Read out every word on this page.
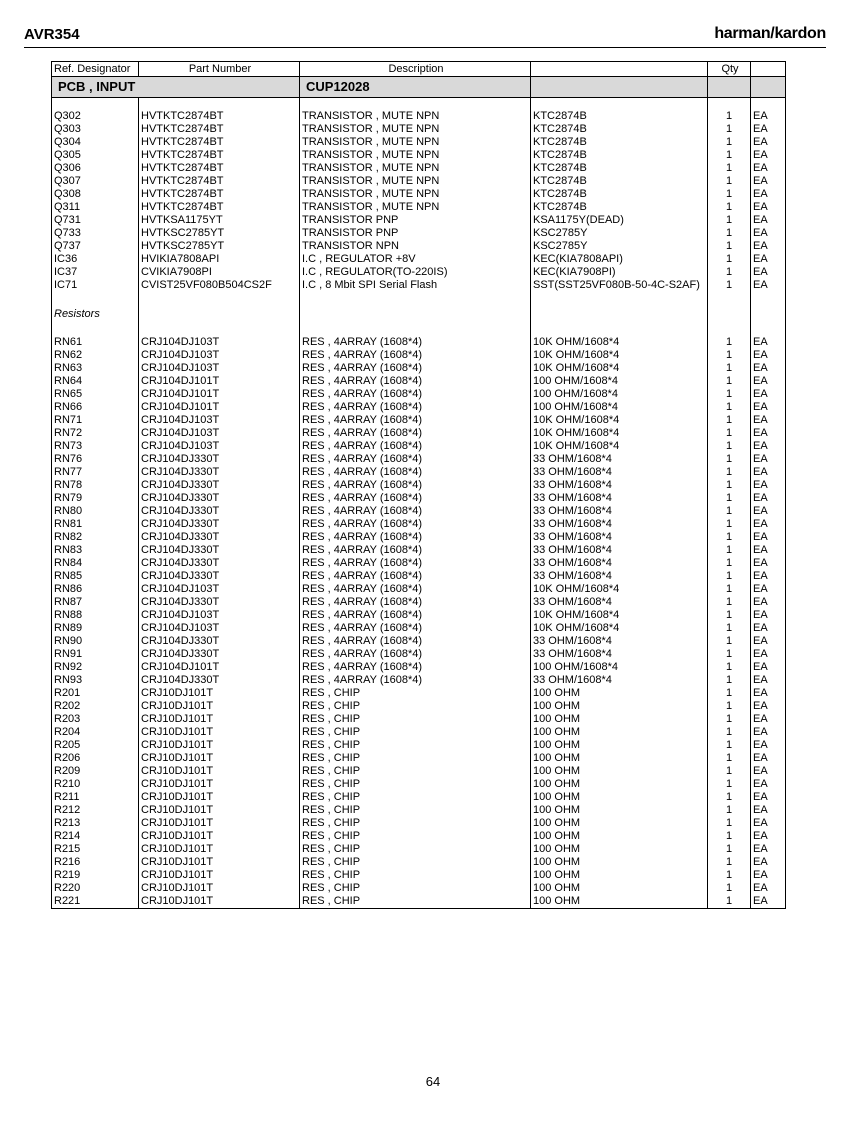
AVR354	harman/kardon
Ref. Designator	Part Number	Description		Qty	
PCB , INPUT		CUP12028			

Q302	HVTKTC2874BT	TRANSISTOR , MUTE NPN	KTC2874B	1	EA
Q303	HVTKTC2874BT	TRANSISTOR , MUTE NPN	KTC2874B	1	EA
Q304	HVTKTC2874BT	TRANSISTOR , MUTE NPN	KTC2874B	1	EA
Q305	HVTKTC2874BT	TRANSISTOR , MUTE NPN	KTC2874B	1	EA
Q306	HVTKTC2874BT	TRANSISTOR , MUTE NPN	KTC2874B	1	EA
Q307	HVTKTC2874BT	TRANSISTOR , MUTE NPN	KTC2874B	1	EA
Q308	HVTKTC2874BT	TRANSISTOR , MUTE NPN	KTC2874B	1	EA
Q311	HVTKTC2874BT	TRANSISTOR , MUTE NPN	KTC2874B	1	EA
Q731	HVTKSA1175YT	TRANSISTOR PNP	KSA1175Y(DEAD)	1	EA
Q733	HVTKSC2785YT	TRANSISTOR PNP	KSC2785Y	1	EA
Q737	HVTKSC2785YT	TRANSISTOR NPN	KSC2785Y	1	EA
IC36	HVIKIA7808API	I.C , REGULATOR +8V	KEC(KIA7808API)	1	EA
IC37	CVIKIA7908PI	I.C , REGULATOR(TO-220IS)	KEC(KIA7908PI)	1	EA
IC71	CVIST25VF080B504CS2F	I.C , 8 Mbit SPI Serial Flash	SST(SST25VF080B-50-4C-S2AF)	1	EA

Resistors					

RN61	CRJ104DJ103T	RES , 4ARRAY (1608*4)	10K OHM/1608*4	1	EA
RN62	CRJ104DJ103T	RES , 4ARRAY (1608*4)	10K OHM/1608*4	1	EA
RN63	CRJ104DJ103T	RES , 4ARRAY (1608*4)	10K OHM/1608*4	1	EA
RN64	CRJ104DJ101T	RES , 4ARRAY (1608*4)	100 OHM/1608*4	1	EA
RN65	CRJ104DJ101T	RES , 4ARRAY (1608*4)	100 OHM/1608*4	1	EA
RN66	CRJ104DJ101T	RES , 4ARRAY (1608*4)	100 OHM/1608*4	1	EA
RN71	CRJ104DJ103T	RES , 4ARRAY (1608*4)	10K OHM/1608*4	1	EA
RN72	CRJ104DJ103T	RES , 4ARRAY (1608*4)	10K OHM/1608*4	1	EA
RN73	CRJ104DJ103T	RES , 4ARRAY (1608*4)	10K OHM/1608*4	1	EA
RN76	CRJ104DJ330T	RES , 4ARRAY (1608*4)	33 OHM/1608*4	1	EA
RN77	CRJ104DJ330T	RES , 4ARRAY (1608*4)	33 OHM/1608*4	1	EA
RN78	CRJ104DJ330T	RES , 4ARRAY (1608*4)	33 OHM/1608*4	1	EA
RN79	CRJ104DJ330T	RES , 4ARRAY (1608*4)	33 OHM/1608*4	1	EA
RN80	CRJ104DJ330T	RES , 4ARRAY (1608*4)	33 OHM/1608*4	1	EA
RN81	CRJ104DJ330T	RES , 4ARRAY (1608*4)	33 OHM/1608*4	1	EA
RN82	CRJ104DJ330T	RES , 4ARRAY (1608*4)	33 OHM/1608*4	1	EA
RN83	CRJ104DJ330T	RES , 4ARRAY (1608*4)	33 OHM/1608*4	1	EA
RN84	CRJ104DJ330T	RES , 4ARRAY (1608*4)	33 OHM/1608*4	1	EA
RN85	CRJ104DJ330T	RES , 4ARRAY (1608*4)	33 OHM/1608*4	1	EA
RN86	CRJ104DJ103T	RES , 4ARRAY (1608*4)	10K OHM/1608*4	1	EA
RN87	CRJ104DJ330T	RES , 4ARRAY (1608*4)	33 OHM/1608*4	1	EA
RN88	CRJ104DJ103T	RES , 4ARRAY (1608*4)	10K OHM/1608*4	1	EA
RN89	CRJ104DJ103T	RES , 4ARRAY (1608*4)	10K OHM/1608*4	1	EA
RN90	CRJ104DJ330T	RES , 4ARRAY (1608*4)	33 OHM/1608*4	1	EA
RN91	CRJ104DJ330T	RES , 4ARRAY (1608*4)	33 OHM/1608*4	1	EA
RN92	CRJ104DJ101T	RES , 4ARRAY (1608*4)	100 OHM/1608*4	1	EA
RN93	CRJ104DJ330T	RES , 4ARRAY (1608*4)	33 OHM/1608*4	1	EA
R201	CRJ10DJ101T	RES , CHIP	100 OHM	1	EA
R202	CRJ10DJ101T	RES , CHIP	100 OHM	1	EA
R203	CRJ10DJ101T	RES , CHIP	100 OHM	1	EA
R204	CRJ10DJ101T	RES , CHIP	100 OHM	1	EA
R205	CRJ10DJ101T	RES , CHIP	100 OHM	1	EA
R206	CRJ10DJ101T	RES , CHIP	100 OHM	1	EA
R209	CRJ10DJ101T	RES , CHIP	100 OHM	1	EA
R210	CRJ10DJ101T	RES , CHIP	100 OHM	1	EA
R211	CRJ10DJ101T	RES , CHIP	100 OHM	1	EA
R212	CRJ10DJ101T	RES , CHIP	100 OHM	1	EA
R213	CRJ10DJ101T	RES , CHIP	100 OHM	1	EA
R214	CRJ10DJ101T	RES , CHIP	100 OHM	1	EA
R215	CRJ10DJ101T	RES , CHIP	100 OHM	1	EA
R216	CRJ10DJ101T	RES , CHIP	100 OHM	1	EA
R219	CRJ10DJ101T	RES , CHIP	100 OHM	1	EA
R220	CRJ10DJ101T	RES , CHIP	100 OHM	1	EA
R221	CRJ10DJ101T	RES , CHIP	100 OHM	1	EA
64
